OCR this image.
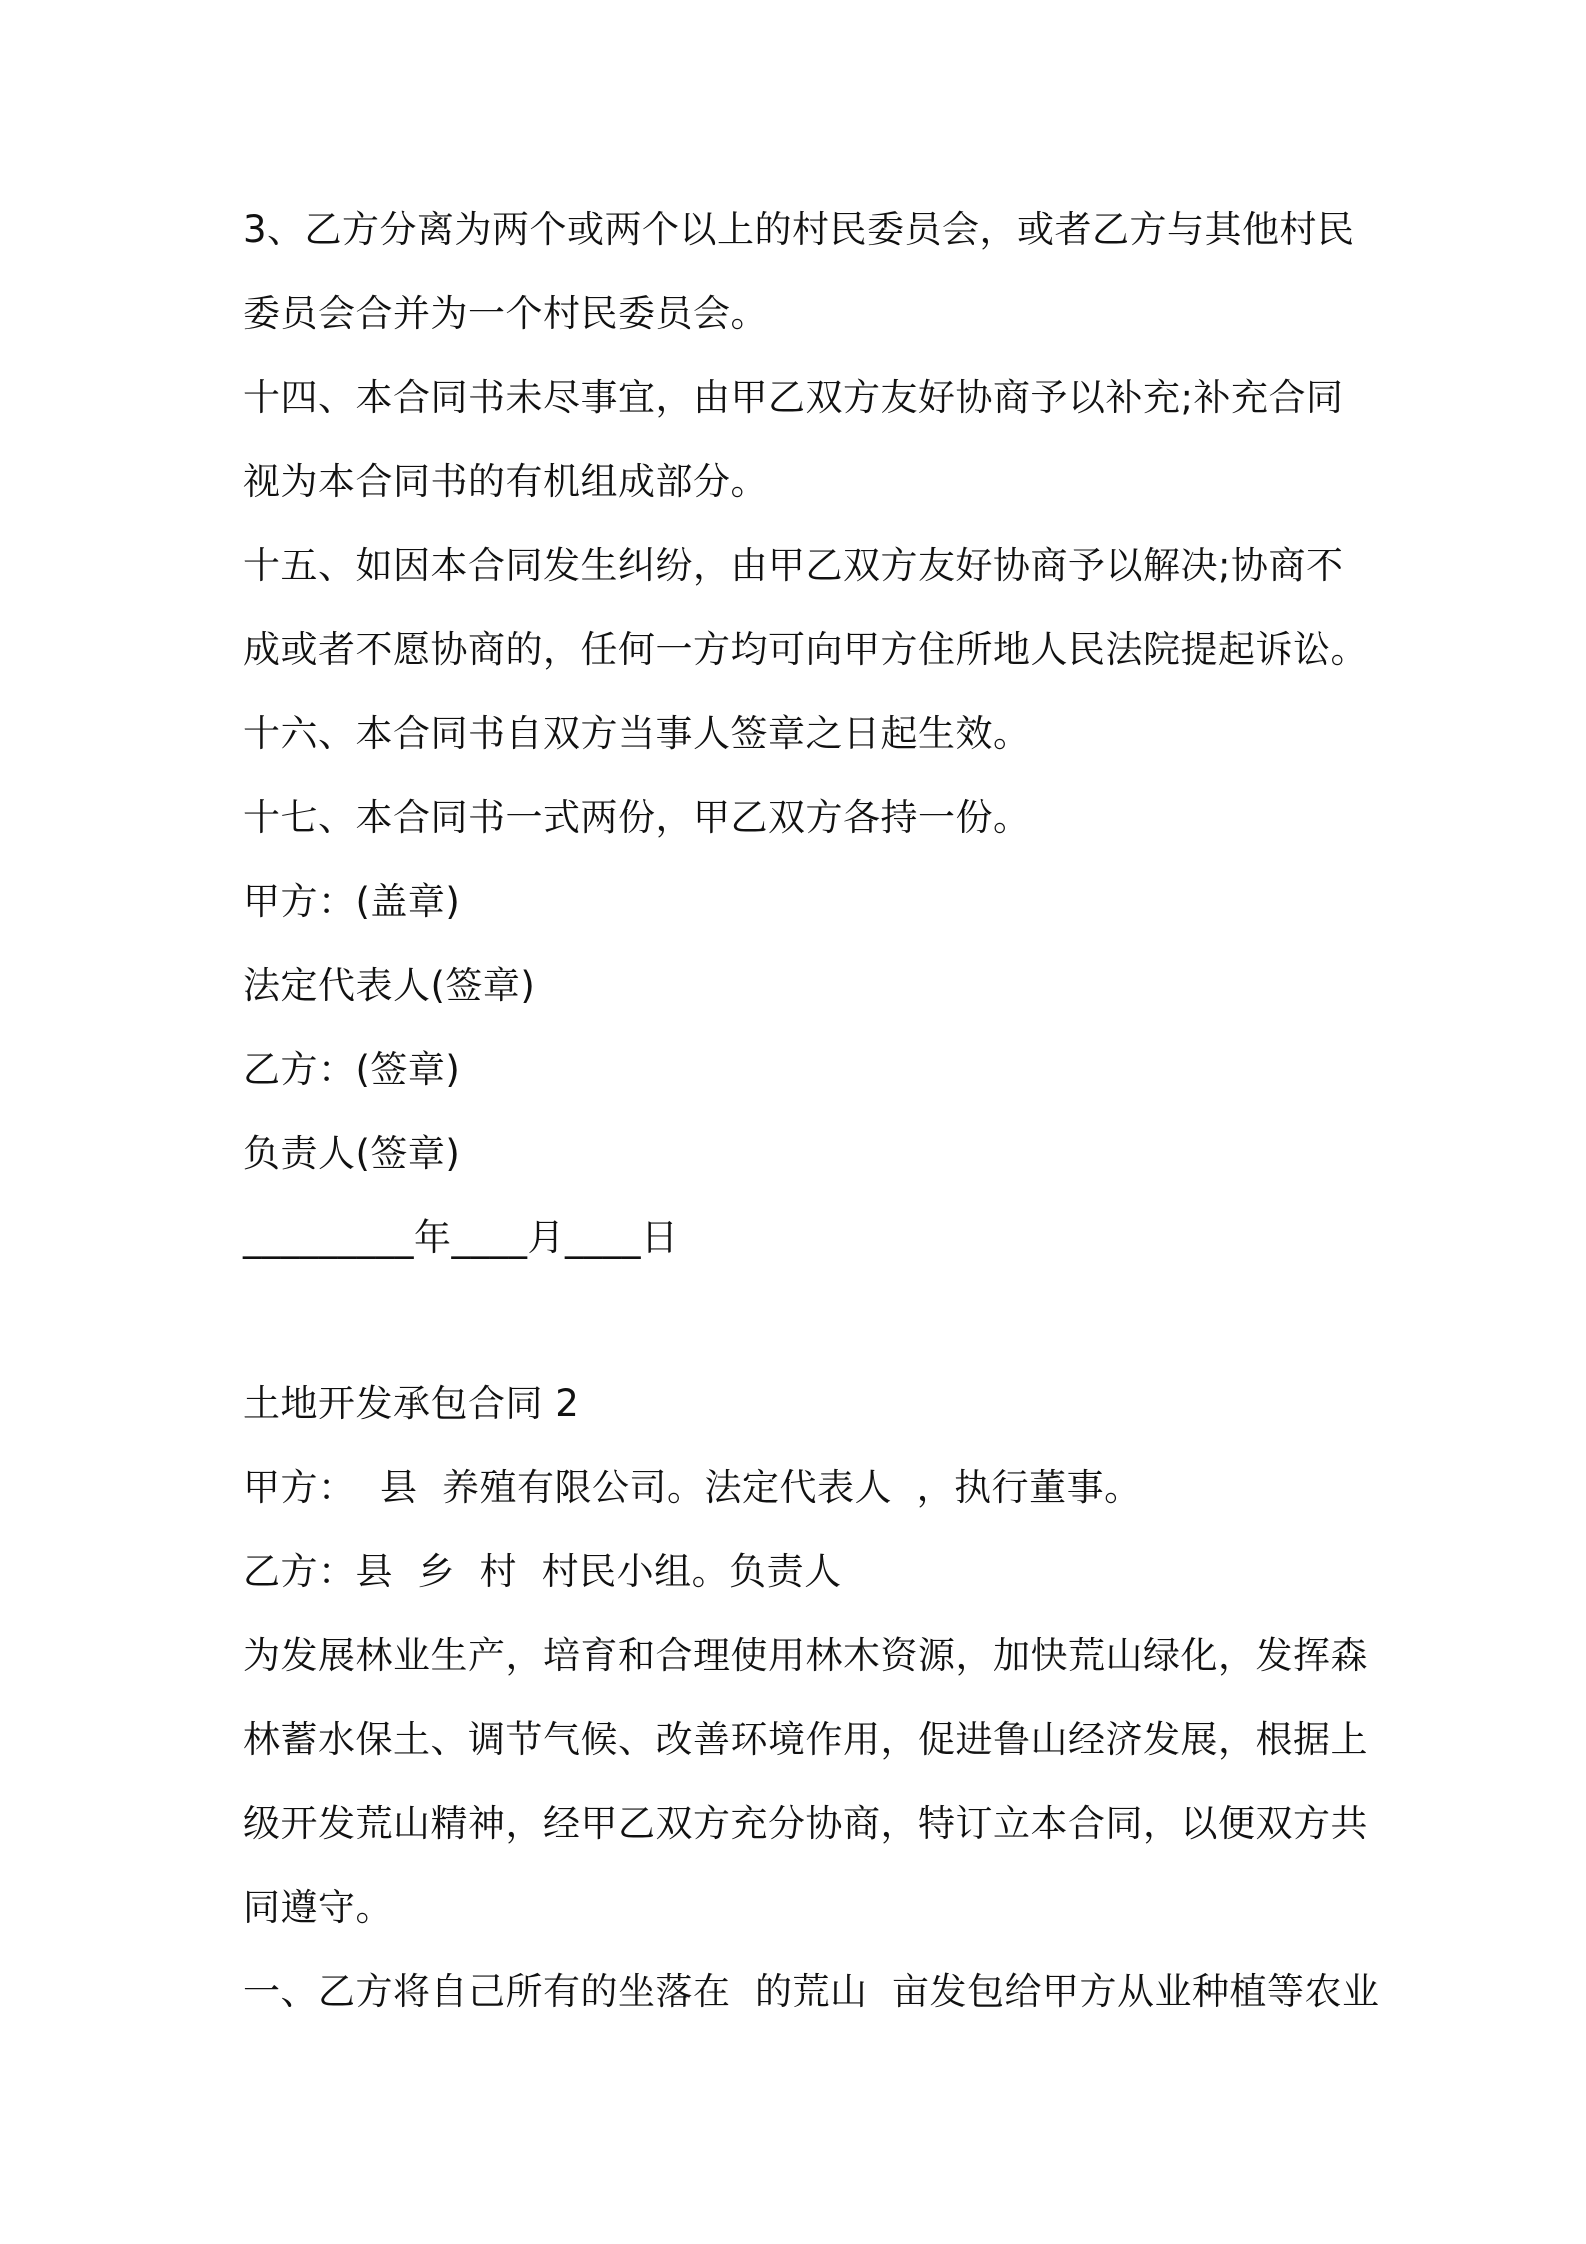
3、乙方分离为两个或两个以上的村民委员会，或者乙方与其他村民
委员会合并为一个村民委员会。
十四、本合同书未尽事宜，由甲乙双方友好协商予以补充;补充合同
视为本合同书的有机组成部分。
十五、如因本合同发生纠纷，由甲乙双方友好协商予以解决;协商不
成或者不愿协商的，任何一方均可向甲方住所地人民法院提起诉讼。
十六、本合同书自双方当事人签章之日起生效。
十七、本合同书一式两份，甲乙双方各持一份。
甲方：(盖章)
法定代表人(签章)
乙方：(签章)
负责人(签章)
_________年____月____日
土地开发承包合同 2
甲方：  县  养殖有限公司。法定代表人  ，执行董事。
乙方：县  乡  村  村民小组。负责人
为发展林业生产，培育和合理使用林木资源，加快荒山绿化，发挥森
林蓄水保土、调节气候、改善环境作用，促进鲁山经济发展，根据上
级开发荒山精神，经甲乙双方充分协商，特订立本合同，以便双方共
同遵守。
一、乙方将自己所有的坐落在  的荒山  亩发包给甲方从业种植等农业
